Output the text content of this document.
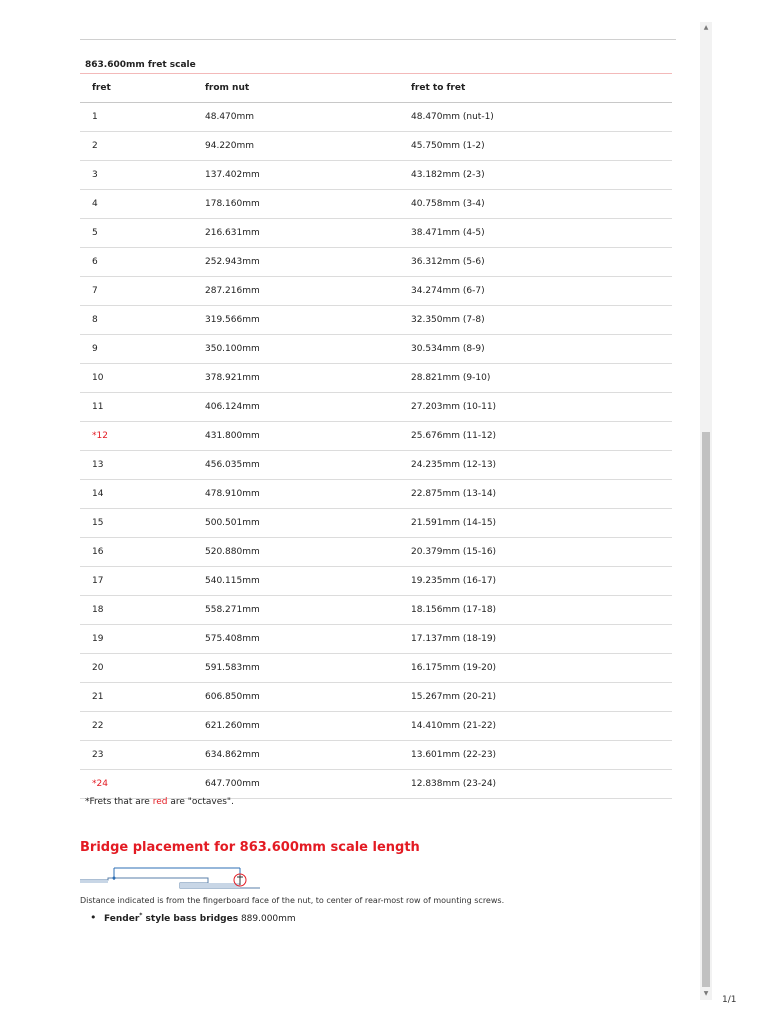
863.600mm fret scale
fret	from nut	fret to fret
1	48.470mm	48.470mm (nut-1)
2	94.220mm	45.750mm (1-2)
3	137.402mm	43.182mm (2-3)
4	178.160mm	40.758mm (3-4)
5	216.631mm	38.471mm (4-5)
6	252.943mm	36.312mm (5-6)
7	287.216mm	34.274mm (6-7)
8	319.566mm	32.350mm (7-8)
9	350.100mm	30.534mm (8-9)
10	378.921mm	28.821mm (9-10)
11	406.124mm	27.203mm (10-11)
*12	431.800mm	25.676mm (11-12)
13	456.035mm	24.235mm (12-13)
14	478.910mm	22.875mm (13-14)
15	500.501mm	21.591mm (14-15)
16	520.880mm	20.379mm (15-16)
17	540.115mm	19.235mm (16-17)
18	558.271mm	18.156mm (17-18)
19	575.408mm	17.137mm (18-19)
20	591.583mm	16.175mm (19-20)
21	606.850mm	15.267mm (20-21)
22	621.260mm	14.410mm (21-22)
23	634.862mm	13.601mm (22-23)
*24	647.700mm	12.838mm (23-24)
*Frets that are red are "octaves".
Bridge placement for 863.600mm scale length
Distance indicated is from the fingerboard face of the nut, to center of rear-most row of mounting screws.
• Fender* style bass bridges 889.000mm
▲
▼
1/1
